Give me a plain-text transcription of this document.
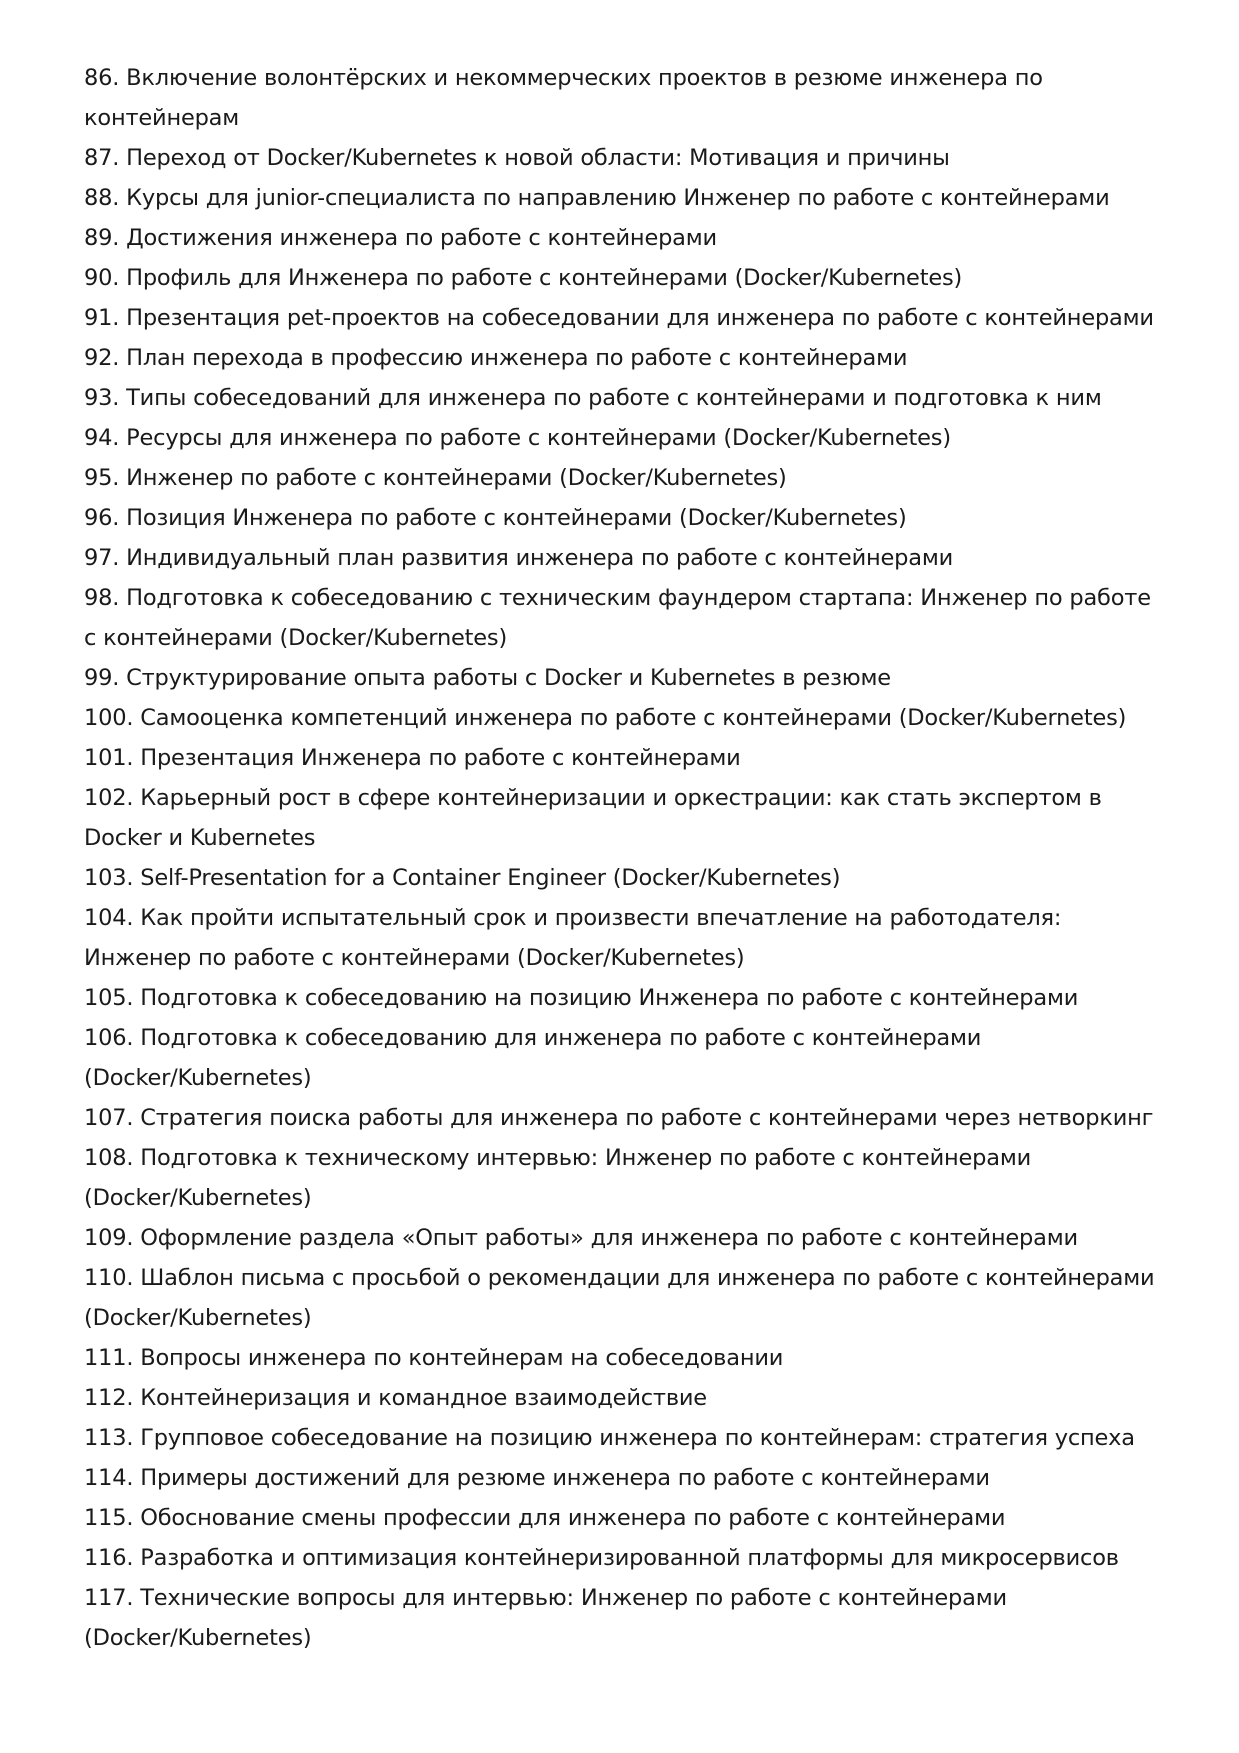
86. Включение волонтёрских и некоммерческих проектов в резюме инженера по контейнерам
87. Переход от Docker/Kubernetes к новой области: Мотивация и причины
88. Курсы для junior-специалиста по направлению Инженер по работе с контейнерами
89. Достижения инженера по работе с контейнерами
90. Профиль для Инженера по работе с контейнерами (Docker/Kubernetes)
91. Презентация pet-проектов на собеседовании для инженера по работе с контейнерами
92. План перехода в профессию инженера по работе с контейнерами
93. Типы собеседований для инженера по работе с контейнерами и подготовка к ним
94. Ресурсы для инженера по работе с контейнерами (Docker/Kubernetes)
95. Инженер по работе с контейнерами (Docker/Kubernetes)
96. Позиция Инженера по работе с контейнерами (Docker/Kubernetes)
97. Индивидуальный план развития инженера по работе с контейнерами
98. Подготовка к собеседованию с техническим фаундером стартапа: Инженер по работе с контейнерами (Docker/Kubernetes)
99. Структурирование опыта работы с Docker и Kubernetes в резюме
100. Самооценка компетенций инженера по работе с контейнерами (Docker/Kubernetes)
101. Презентация Инженера по работе с контейнерами
102. Карьерный рост в сфере контейнеризации и оркестрации: как стать экспертом в Docker и Kubernetes
103. Self-Presentation for a Container Engineer (Docker/Kubernetes)
104. Как пройти испытательный срок и произвести впечатление на работодателя: Инженер по работе с контейнерами (Docker/Kubernetes)
105. Подготовка к собеседованию на позицию Инженера по работе с контейнерами
106. Подготовка к собеседованию для инженера по работе с контейнерами (Docker/Kubernetes)
107. Стратегия поиска работы для инженера по работе с контейнерами через нетворкинг
108. Подготовка к техническому интервью: Инженер по работе с контейнерами (Docker/Kubernetes)
109. Оформление раздела «Опыт работы» для инженера по работе с контейнерами
110. Шаблон письма с просьбой о рекомендации для инженера по работе с контейнерами (Docker/Kubernetes)
111. Вопросы инженера по контейнерам на собеседовании
112. Контейнеризация и командное взаимодействие
113. Групповое собеседование на позицию инженера по контейнерам: стратегия успеха
114. Примеры достижений для резюме инженера по работе с контейнерами
115. Обоснование смены профессии для инженера по работе с контейнерами
116. Разработка и оптимизация контейнеризированной платформы для микросервисов
117. Технические вопросы для интервью: Инженер по работе с контейнерами (Docker/Kubernetes)
